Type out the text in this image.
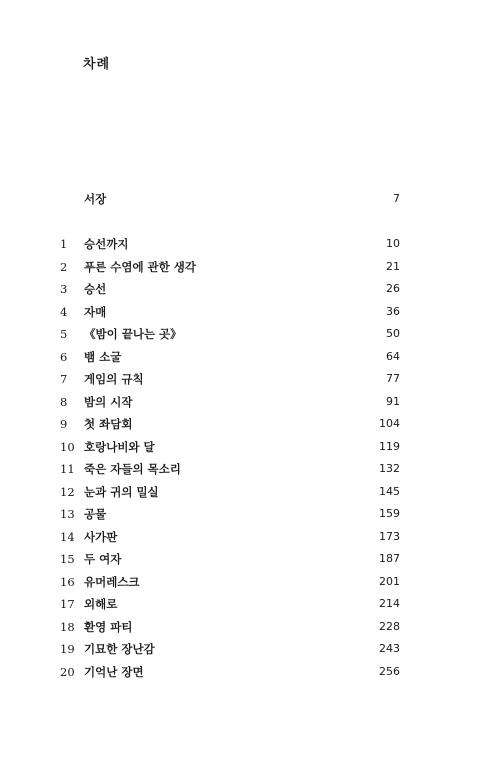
차례
서장	7
1 승선까지	10
2 푸른 수염에 관한 생각	21
3 승선	26
4 자매	36
5 《밤이 끝나는 곳》	50
6 뱀 소굴	64
7 게임의 규칙	77
8 밤의 시작	91
9 첫 좌담회	104
10 호랑나비와 달	119
11 죽은 자들의 목소리	132
12 눈과 귀의 밀실	145
13 공물	159
14 사가판	173
15 두 여자	187
16 유머레스크	201
17 외해로	214
18 환영 파티	228
19 기묘한 장난감	243
20 기억난 장면	256
